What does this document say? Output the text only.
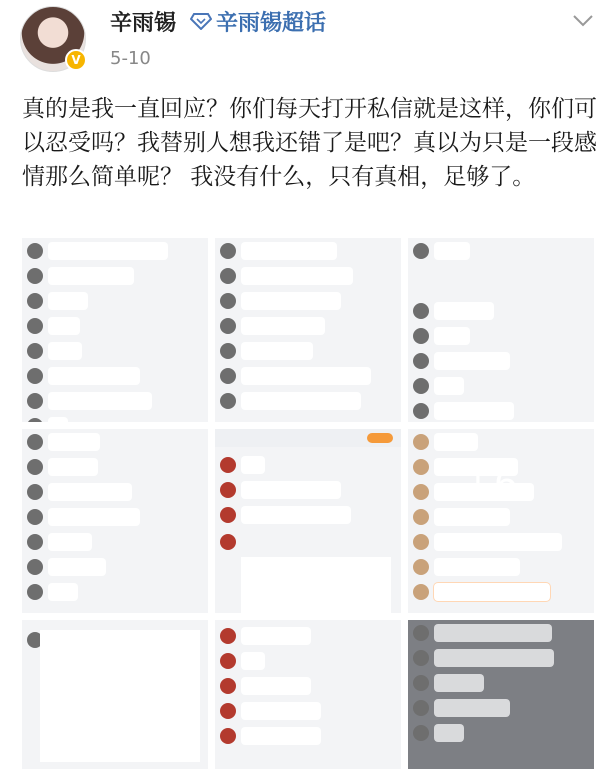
V
辛雨锡 辛雨锡超话
5-10
真的是我一直回应？你们每天打开私信就是这样，你们可以忍受吗？我替别人想我还错了是吧？真以为只是一段感情那么简单呢？ 我没有什么，只有真相，足够了。
+6
